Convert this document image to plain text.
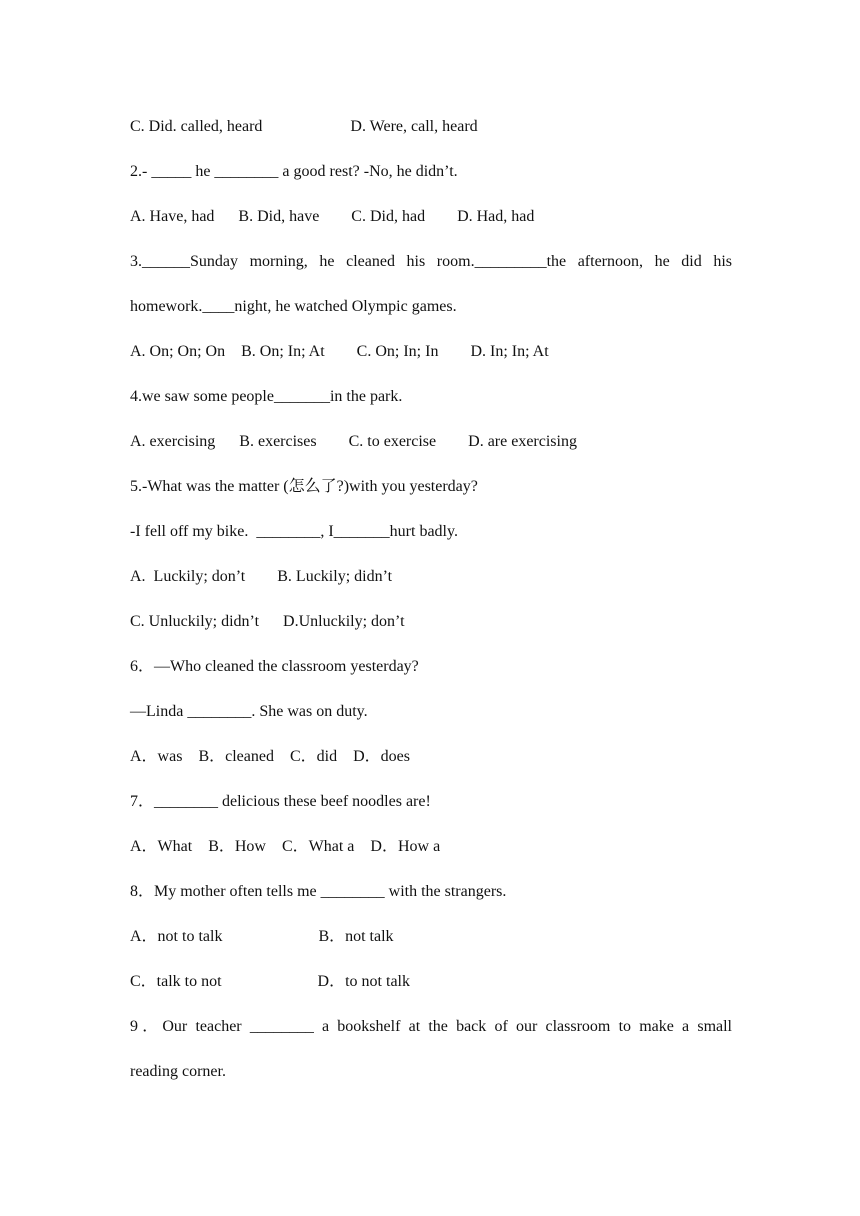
C. Did. called, heard                      D. Were, call, heard
2.- _____ he ________ a good rest? -No, he didn’t.
A. Have, had      B. Did, have        C. Did, had        D. Had, had
3.______Sunday morning, he cleaned his room._________the afternoon, he did his
homework.____night, he watched Olympic games.
A. On; On; On    B. On; In; At        C. On; In; In        D. In; In; At
4.we saw some people_______in the park.
A. exercising      B. exercises        C. to exercise        D. are exercising
5.-What was the matter (怎么了?)with you yesterday?
-I fell off my bike.  ________, I_______hurt badly.
A.  Luckily; don’t        B. Luckily; didn’t
C. Unluckily; didn’t      D.Unluckily; don’t
6．—Who cleaned the classroom yesterday?
—Linda ________. She was on duty.
A．was    B．cleaned    C．did    D．does
7．________ delicious these beef noodles are!
A．What    B．How    C．What a    D．How a
8．My mother often tells me ________ with the strangers.
A．not to talk                        B．not talk
C．talk to not                        D．to not talk
9．Our teacher ________ a bookshelf at the back of our classroom to make a small
reading corner.
